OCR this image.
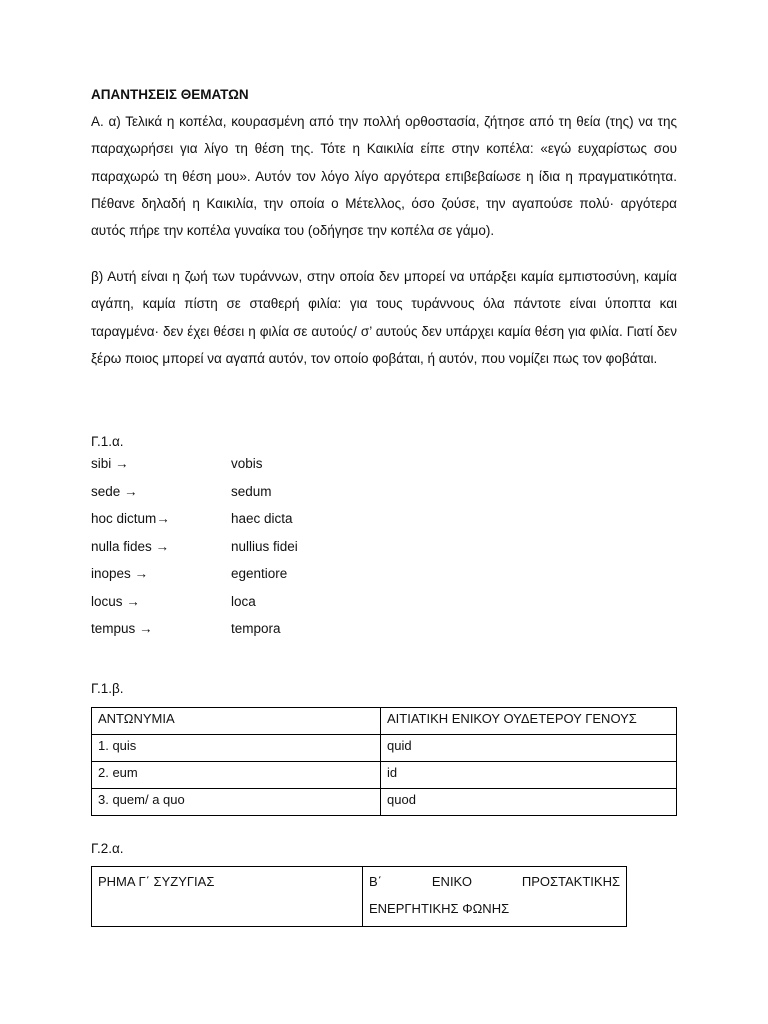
ΑΠΑΝΤΗΣΕΙΣ ΘΕΜΑΤΩΝ
Α. α) Τελικά η κοπέλα, κουρασμένη από την πολλή ορθοστασία, ζήτησε από τη θεία (της) να της παραχωρήσει για λίγο τη θέση της. Τότε η Καικιλία είπε στην κοπέλα: «εγώ ευχαρίστως σου παραχωρώ τη θέση μου». Αυτόν τον λόγο λίγο αργότερα επιβεβαίωσε η ίδια η πραγματικότητα. Πέθανε δηλαδή η Καικιλία, την οποία ο Μέτελλος, όσο ζούσε, την αγαπούσε πολύ· αργότερα αυτός πήρε την κοπέλα γυναίκα του (οδήγησε την κοπέλα σε γάμο).
β) Αυτή είναι η ζωή των τυράννων, στην οποία δεν μπορεί να υπάρξει καμία εμπιστοσύνη, καμία αγάπη, καμία πίστη σε σταθερή φιλία: για τους τυράννους όλα πάντοτε είναι ύποπτα και ταραγμένα· δεν έχει θέσει η φιλία σε αυτούς/ σ’ αυτούς δεν υπάρχει καμία θέση για φιλία. Γιατί δεν ξέρω ποιος μπορεί να αγαπά αυτόν, τον οποίο φοβάται, ή αυτόν, που νομίζει πως τον φοβάται.
Γ.1.α.
sibi →	vobis
sede →	sedum
hoc dictum→	haec dicta
nulla fides →	nullius fidei
inopes →	egentiore
locus →	loca
tempus →	tempora
Γ.1.β.
ΑΝΤΩΝΥΜΙΑ	ΑΙΤΙΑΤΙΚΗ ΕΝΙΚΟΥ ΟΥΔΕΤΕΡΟΥ ΓΕΝΟΥΣ
1. quis	quid
2. eum	id
3. quem/ a quo	quod
Γ.2.α.
ΡΗΜΑ Γ΄ ΣΥΖΥΓΙΑΣ	Β΄ ΕΝΙΚΟ ΠΡΟΣΤΑΚΤΙΚΗΣ ΕΝΕΡΓΗΤΙΚΗΣ ΦΩΝΗΣ
